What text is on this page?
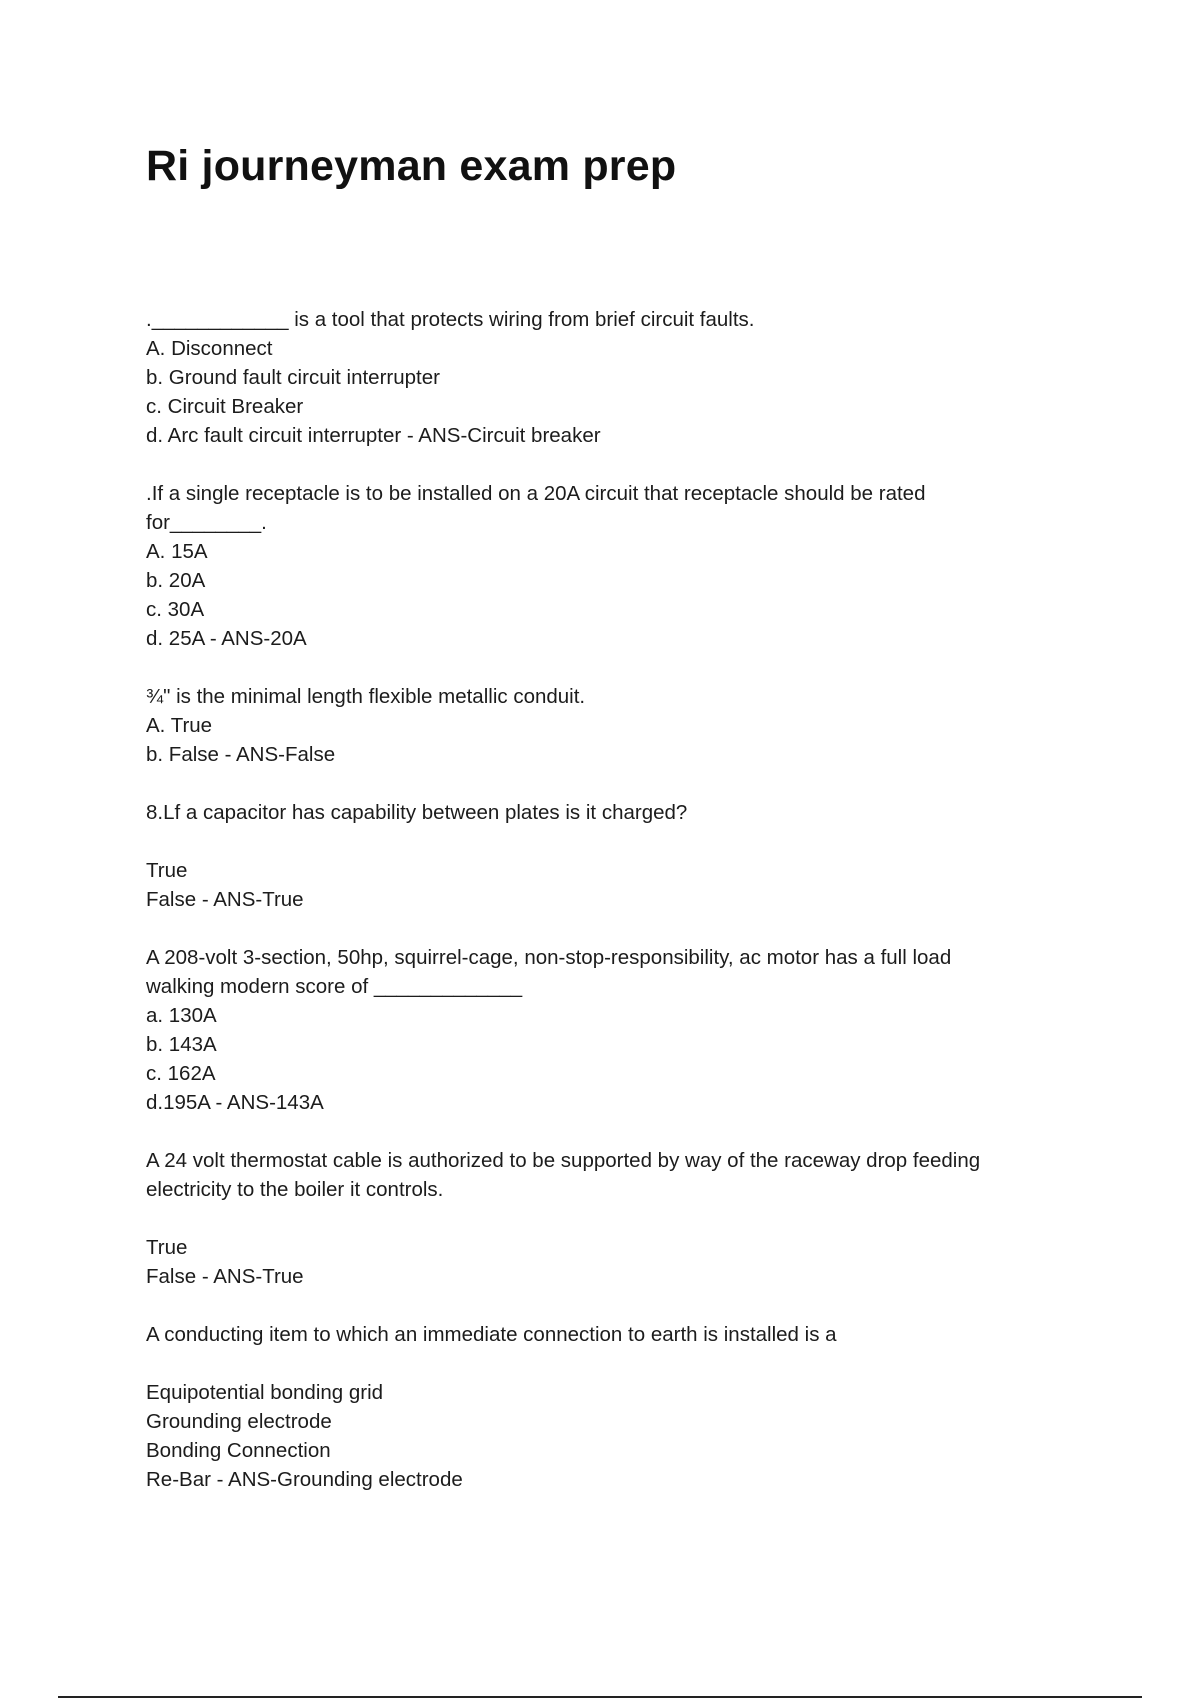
Ri journeyman exam prep
.____________ is a tool that protects wiring from brief circuit faults.
A. Disconnect
b. Ground fault circuit interrupter
c. Circuit Breaker
d. Arc fault circuit interrupter - ANS-Circuit breaker
.If a single receptacle is to be installed on a 20A circuit that receptacle should be rated
for________.
A. 15A
b. 20A
c. 30A
d. 25A - ANS-20A
¾" is the minimal length flexible metallic conduit.
A. True
b. False - ANS-False
8.Lf a capacitor has capability between plates is it charged?
True
False - ANS-True
A 208-volt 3-section, 50hp, squirrel-cage, non-stop-responsibility, ac motor has a full load
walking modern score of _____________
a. 130A
b. 143A
c. 162A
d.195A - ANS-143A
A 24 volt thermostat cable is authorized to be supported by way of the raceway drop feeding
electricity to the boiler it controls.
True
False - ANS-True
A conducting item to which an immediate connection to earth is installed is a
Equipotential bonding grid
Grounding electrode
Bonding Connection
Re-Bar - ANS-Grounding electrode
